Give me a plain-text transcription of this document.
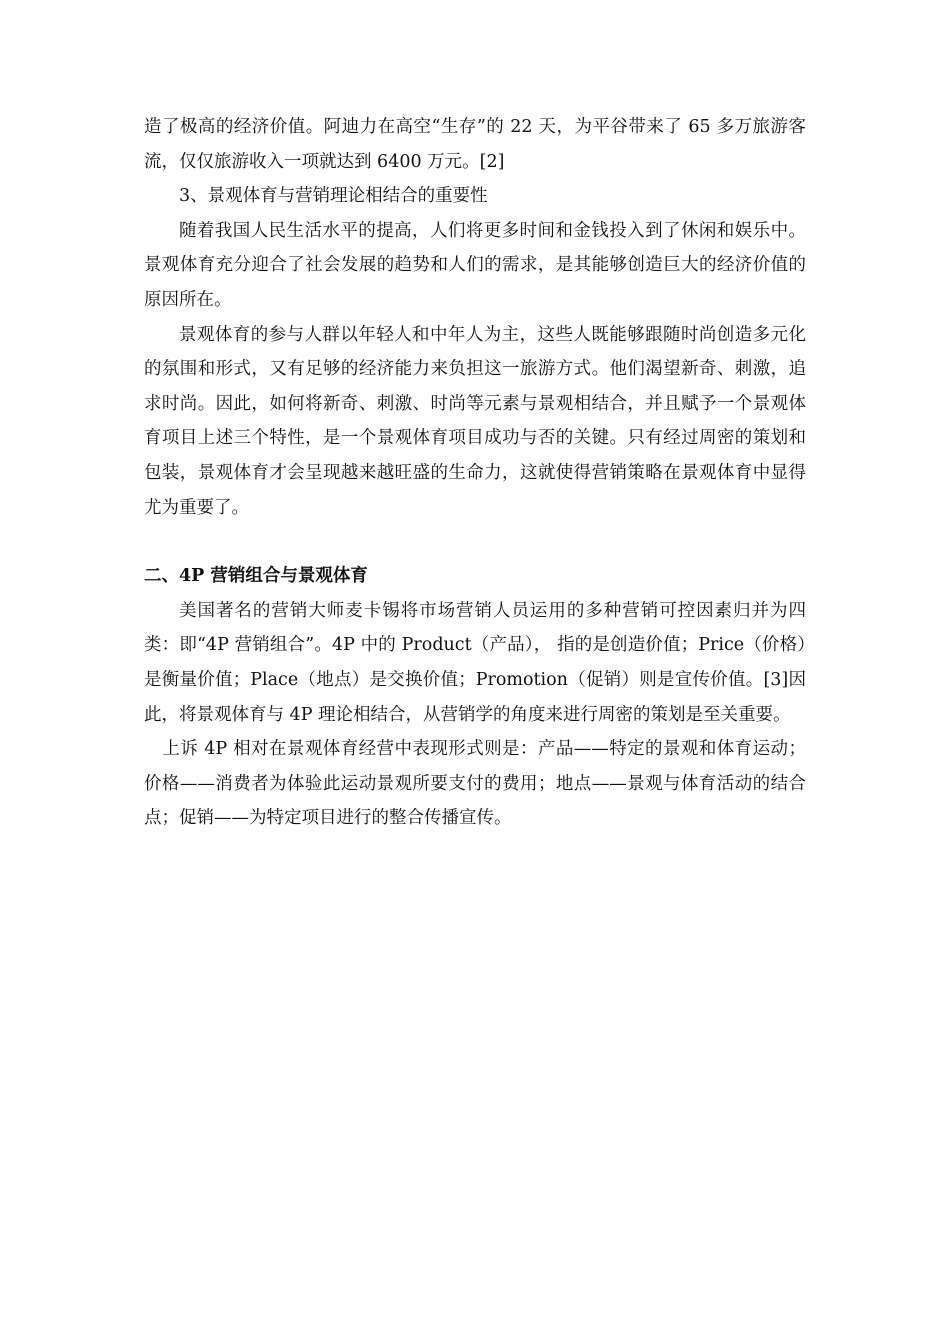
造了极高的经济价值。阿迪力在高空“生存”的 22 天，为平谷带来了 65 多万旅游客流，仅仅旅游收入一项就达到 6400 万元。[2]

3、景观体育与营销理论相结合的重要性

随着我国人民生活水平的提高，人们将更多时间和金钱投入到了休闲和娱乐中。景观体育充分迎合了社会发展的趋势和人们的需求，是其能够创造巨大的经济价值的原因所在。

景观体育的参与人群以年轻人和中年人为主，这些人既能够跟随时尚创造多元化的氛围和形式，又有足够的经济能力来负担这一旅游方式。他们渴望新奇、刺激，追求时尚。因此，如何将新奇、刺激、时尚等元素与景观相结合，并且赋予一个景观体育项目上述三个特性，是一个景观体育项目成功与否的关键。只有经过周密的策划和包装，景观体育才会呈现越来越旺盛的生命力，这就使得营销策略在景观体育中显得尤为重要了。

二、4P 营销组合与景观体育

美国著名的营销大师麦卡锡将市场营销人员运用的多种营销可控因素归并为四类：即“4P 营销组合”。4P 中的 Product（产品）， 指的是创造价值；Price（价格）是衡量价值；Place（地点）是交换价值；Promotion（促销）则是宣传价值。[3]因此，将景观体育与 4P 理论相结合，从营销学的角度来进行周密的策划是至关重要。

上诉 4P 相对在景观体育经营中表现形式则是：产品——特定的景观和体育运动；价格——消费者为体验此运动景观所要支付的费用；地点——景观与体育活动的结合点；促销——为特定项目进行的整合传播宣传。
